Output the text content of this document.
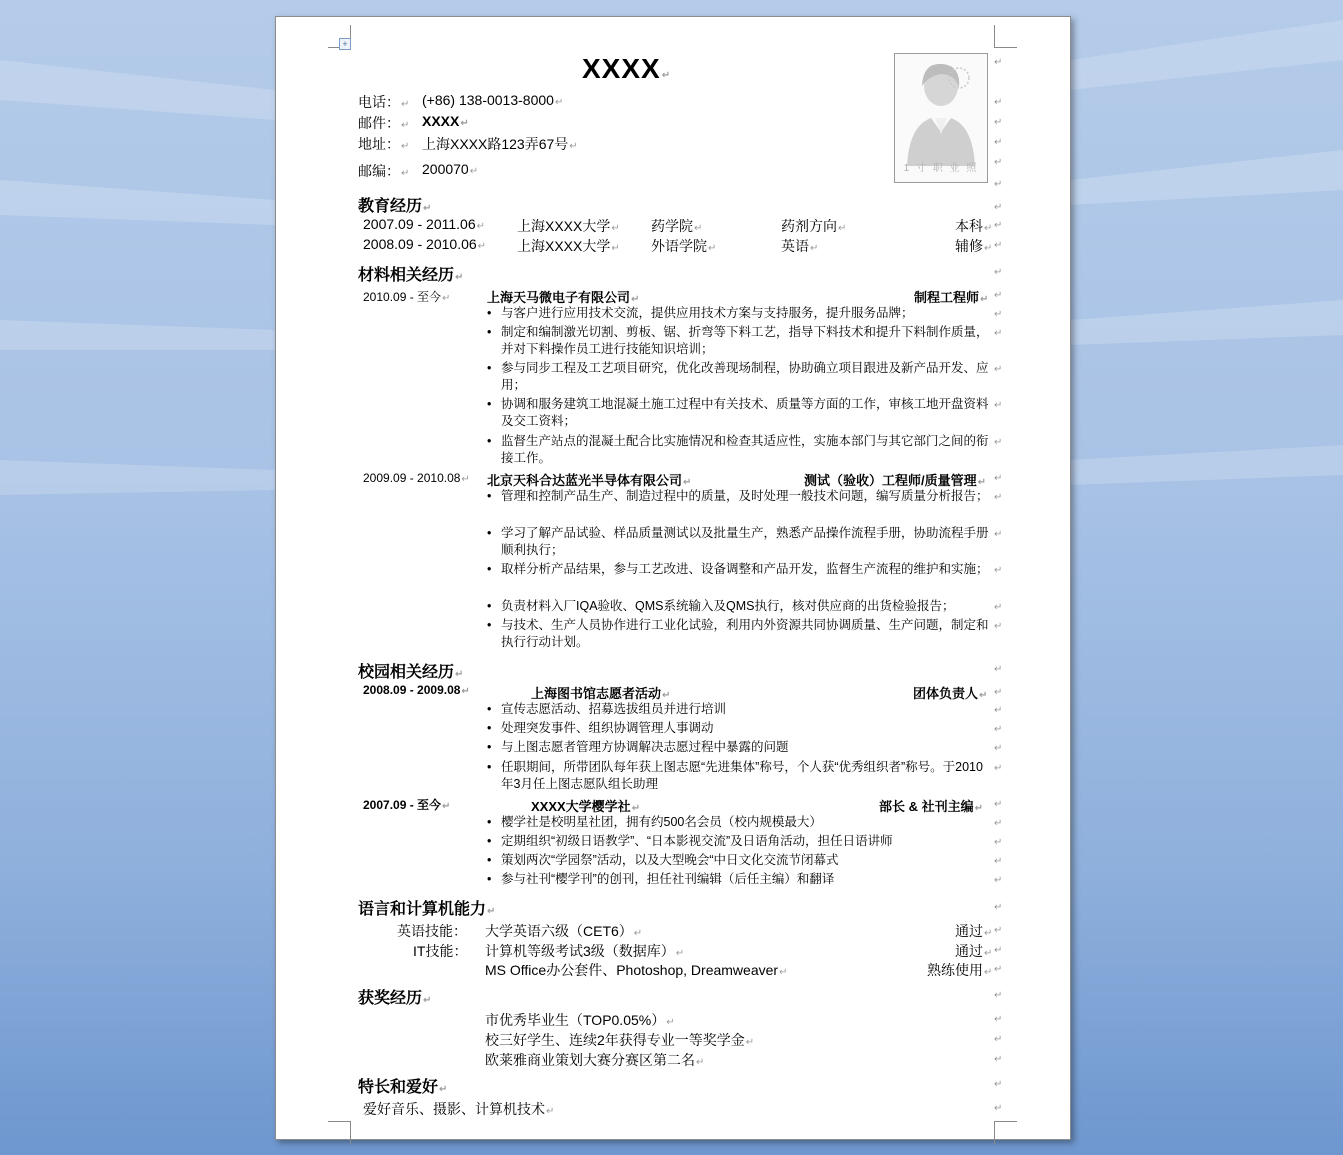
+
XXXX↵
电话：↵ (+86) 138-0013-8000↵
邮件：↵ XXXX↵
地址：↵ 上海XXXX路123弄67号↵
邮编：↵ 200070↵	1 寸 职 业 照
教育经历↵
2007.09 - 2011.06↵ 上海XXXX大学↵ 药学院↵	药剂方向↵	本科↵
2008.09 - 2010.06↵ 上海XXXX大学↵ 外语学院↵	英语↵	辅修↵
材料相关经历↵
2010.09 - 至今↵	上海天马微电子有限公司↵	制程工程师↵
• 与客户进行应用技术交流，提供应用技术方案与支持服务，提升服务品牌；
• 制定和编制激光切割、剪板、锯、折弯等下料工艺，指导下料技术和提升下料制作质量，并对下料操作员工进行技能知识培训；
• 参与同步工程及工艺项目研究，优化改善现场制程，协助确立项目跟进及新产品开发、应用；
• 协调和服务建筑工地混凝土施工过程中有关技术、质量等方面的工作，审核工地开盘资料及交工资料；
• 监督生产站点的混凝土配合比实施情况和检查其适应性，实施本部门与其它部门之间的衔接工作。
2009.09 - 2010.08↵ 北京天科合达蓝光半导体有限公司↵	测试（验收）工程师/质量管理↵
• 管理和控制产品生产、制造过程中的质量，及时处理一般技术问题，编写质量分析报告；
• 学习了解产品试验、样品质量测试以及批量生产，熟悉产品操作流程手册，协助流程手册顺利执行；
• 取样分析产品结果，参与工艺改进、设备调整和产品开发，监督生产流程的维护和实施；
• 负责材料入厂IQA验收、QMS系统输入及QMS执行，核对供应商的出货检验报告；
• 与技术、生产人员协作进行工业化试验，利用内外资源共同协调质量、生产问题，制定和执行行动计划。
校园相关经历↵
2008.09 - 2009.08↵	上海图书馆志愿者活动↵	团体负责人↵
• 宣传志愿活动、招募选拔组员并进行培训
• 处理突发事件、组织协调管理人事调动
• 与上图志愿者管理方协调解决志愿过程中暴露的问题
• 任职期间，所带团队每年获上图志愿“先进集体”称号，个人获“优秀组织者”称号。于2010年3月任上图志愿队组长助理
2007.09 - 至今↵	XXXX大学樱学社↵	部长 & 社刊主编↵
• 樱学社是校明星社团，拥有约500名会员（校内规模最大）
• 定期组织“初级日语教学”、“日本影视交流”及日语角活动，担任日语讲师
• 策划两次“学园祭”活动，以及大型晚会“中日文化交流节闭幕式
• 参与社刊“樱学刊”的创刊，担任社刊编辑（后任主编）和翻译
语言和计算机能力↵
英语技能： 大学英语六级（CET6）↵	通过↵
IT技能： 计算机等级考试3级（数据库）↵	通过↵
MS Office办公套件、Photoshop, Dreamweaver↵	熟练使用↵
获奖经历↵
市优秀毕业生（TOP0.05%）↵
校三好学生、连续2年获得专业一等奖学金↵
欧莱雅商业策划大赛分赛区第二名↵
特长和爱好↵
爱好音乐、摄影、计算机技术↵
↵
↵
↵
↵
↵
↵
↵
↵
↵
↵
↵
↵
↵
↵
↵
↵
↵
↵
↵
↵
↵
↵
↵
↵
↵
↵
↵
↵
↵
↵
↵
↵
↵
↵
↵
↵
↵
↵
↵
↵
↵
↵
↵
